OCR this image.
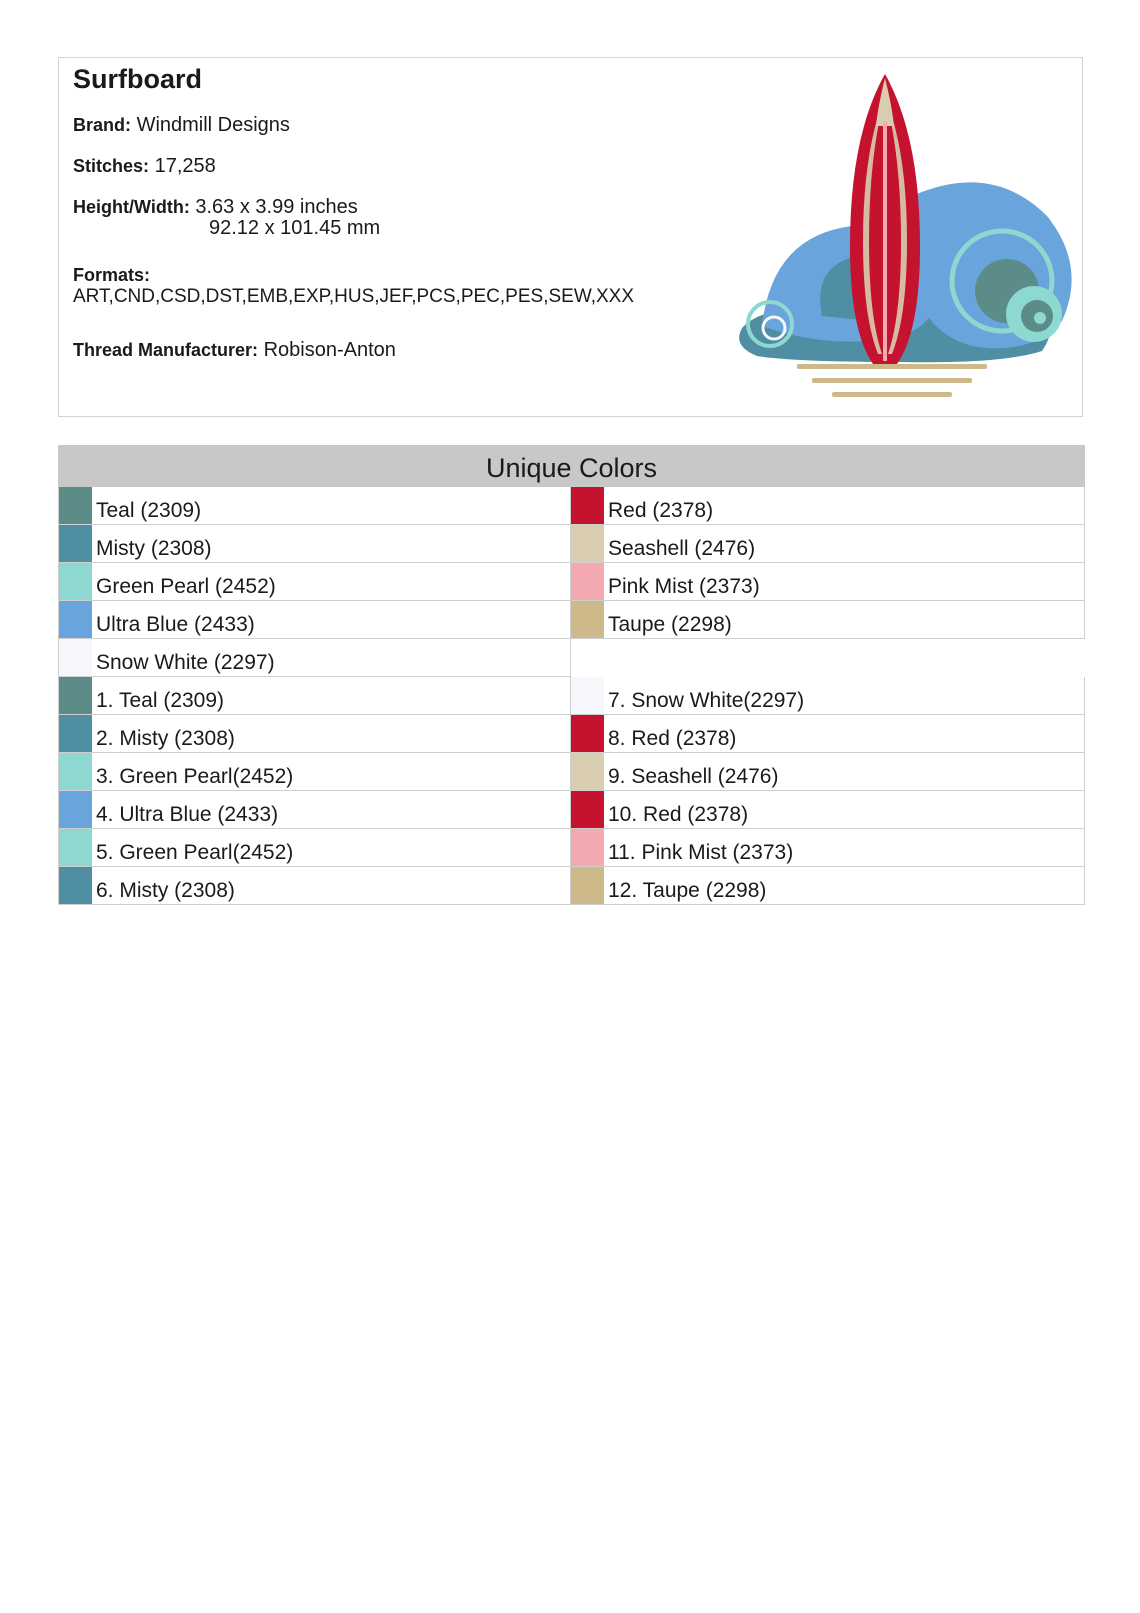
Surfboard
Brand: Windmill Designs
Stitches: 17,258
Height/Width: 3.63 x 3.99 inches
92.12 x 101.45 mm
Formats:
ART,CND,CSD,DST,EMB,EXP,HUS,JEF,PCS,PEC,PES,SEW,XXX
Thread Manufacturer: Robison-Anton
Unique Colors
Teal (2309)	Red (2378)
Misty (2308)	Seashell (2476)
Green Pearl (2452)	Pink Mist (2373)
Ultra Blue (2433)	Taupe (2298)
Snow White (2297)
1. Teal (2309)	7. Snow White(2297)
2. Misty (2308)	8. Red (2378)
3. Green Pearl(2452)	9. Seashell (2476)
4. Ultra Blue (2433)	10. Red (2378)
5. Green Pearl(2452)	11. Pink Mist (2373)
6. Misty (2308)	12. Taupe (2298)
